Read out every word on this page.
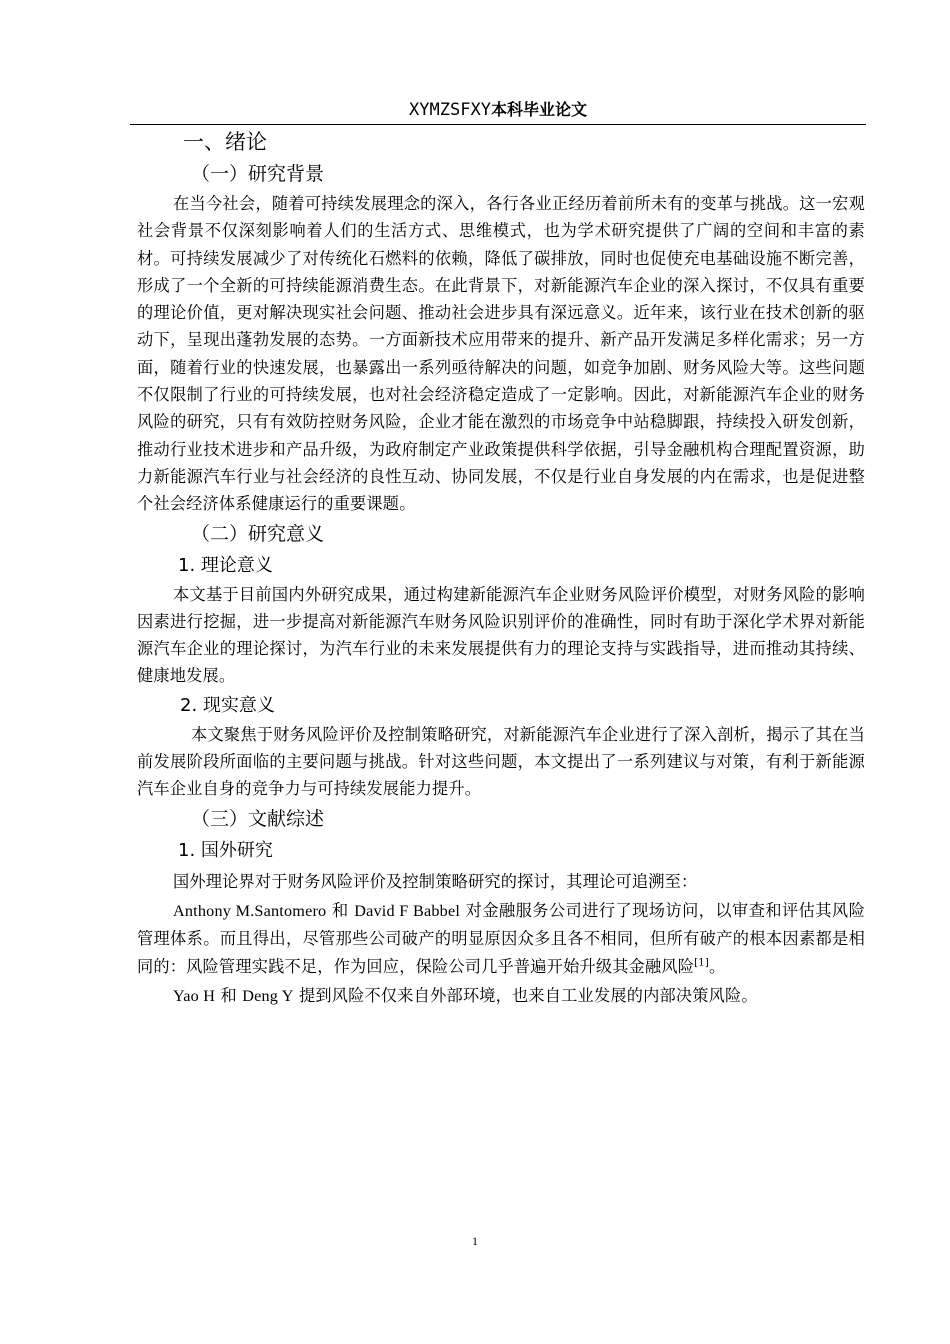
XYMZSFXY本科毕业论文
一、绪论
（一）研究背景

在当今社会，随着可持续发展理念的深入，各行各业正经历着前所未有的变革与挑战。这一宏观社会背景不仅深刻影响着人们的生活方式、思维模式，也为学术研究提供了广阔的空间和丰富的素材。可持续发展减少了对传统化石燃料的依赖，降低了碳排放，同时也促使充电基础设施不断完善，形成了一个全新的可持续能源消费生态。在此背景下，对新能源汽车企业的深入探讨，不仅具有重要的理论价值，更对解决现实社会问题、推动社会进步具有深远意义。近年来，该行业在技术创新的驱动下，呈现出蓬勃发展的态势。一方面新技术应用带来的提升、新产品开发满足多样化需求；另一方面，随着行业的快速发展，也暴露出一系列亟待解决的问题，如竞争加剧、财务风险大等。这些问题不仅限制了行业的可持续发展，也对社会经济稳定造成了一定影响。因此，对新能源汽车企业的财务风险的研究，只有有效防控财务风险，企业才能在激烈的市场竞争中站稳脚跟，持续投入研发创新，推动行业技术进步和产品升级，为政府制定产业政策提供科学依据，引导金融机构合理配置资源，助力新能源汽车行业与社会经济的良性互动、协同发展，不仅是行业自身发展的内在需求，也是促进整个社会经济体系健康运行的重要课题。

（二）研究意义
1. 理论意义

本文基于目前国内外研究成果，通过构建新能源汽车企业财务风险评价模型，对财务风险的影响因素进行挖掘，进一步提高对新能源汽车财务风险识别评价的准确性，同时有助于深化学术界对新能源汽车企业的理论探讨，为汽车行业的未来发展提供有力的理论支持与实践指导，进而推动其持续、健康地发展。

2. 现实意义

本文聚焦于财务风险评价及控制策略研究，对新能源汽车企业进行了深入剖析，揭示了其在当前发展阶段所面临的主要问题与挑战。针对这些问题，本文提出了一系列建议与对策，有利于新能源汽车企业自身的竞争力与可持续发展能力提升。

（三）文献综述
1. 国外研究

国外理论界对于财务风险评价及控制策略研究的探讨，其理论可追溯至：

Anthony M.Santomero 和 David F Babbel 对金融服务公司进行了现场访问，以审查和评估其风险管理体系。而且得出，尽管那些公司破产的明显原因众多且各不相同，但所有破产的根本因素都是相同的：风险管理实践不足，作为回应，保险公司几乎普遍开始升级其金融风险[1]。

Yao H 和 Deng Y 提到风险不仅来自外部环境，也来自工业发展的内部决策风险。

1
